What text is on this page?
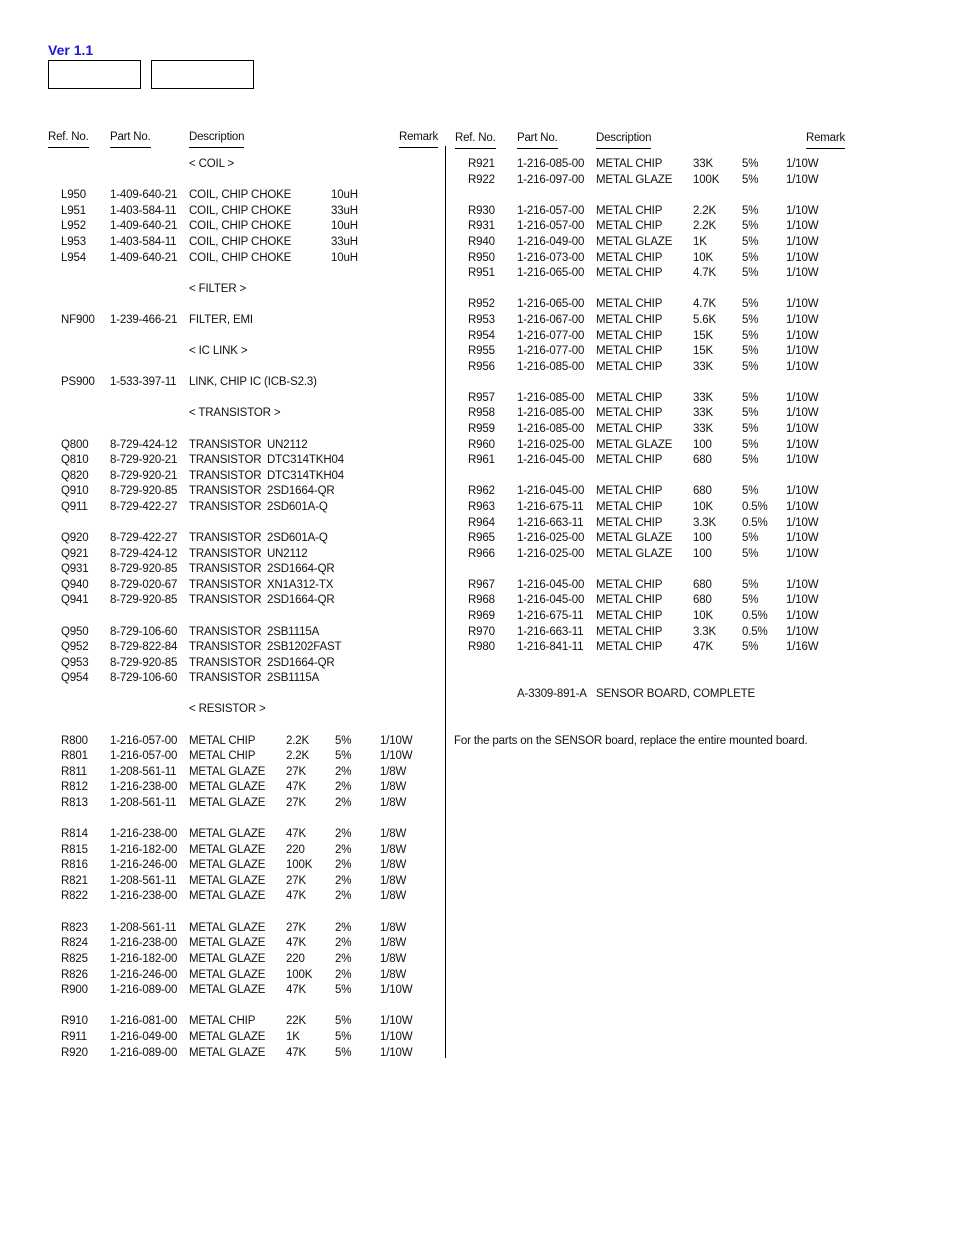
Ver 1.1
Ref. No. Part No.	Description	Remark Ref. No. Part No.	Description	Remark
< COIL >
L950 1-409-640-21 COIL, CHIP CHOKE	10uH
L951 1-403-584-11 COIL, CHIP CHOKE	33uH
L952 1-409-640-21 COIL, CHIP CHOKE	10uH
L953 1-403-584-11 COIL, CHIP CHOKE	33uH
L954 1-409-640-21 COIL, CHIP CHOKE	10uH
< FILTER >
NF900 1-239-466-21 FILTER, EMI
< IC LINK >
PS900 1-533-397-11 LINK, CHIP IC (ICB-S2.3)
< TRANSISTOR >
Q800 8-729-424-12 TRANSISTOR UN2112
Q810 8-729-920-21 TRANSISTOR DTC314TKH04
Q820 8-729-920-21 TRANSISTOR DTC314TKH04
Q910 8-729-920-85 TRANSISTOR 2SD1664-QR
Q911 8-729-422-27 TRANSISTOR 2SD601A-Q
Q920 8-729-422-27 TRANSISTOR 2SD601A-Q
Q921 8-729-424-12 TRANSISTOR UN2112
Q931 8-729-920-85 TRANSISTOR 2SD1664-QR
Q940 8-729-020-67 TRANSISTOR XN1A312-TX
Q941 8-729-920-85 TRANSISTOR 2SD1664-QR
Q950 8-729-106-60 TRANSISTOR 2SB1115A
Q952 8-729-822-84 TRANSISTOR 2SB1202FAST
Q953 8-729-920-85 TRANSISTOR 2SD1664-QR
Q954 8-729-106-60 TRANSISTOR 2SB1115A
< RESISTOR >
R800 1-216-057-00 METAL CHIP	2.2K 5% 1/10W
R801 1-216-057-00 METAL CHIP	2.2K 5% 1/10W
R811 1-208-561-11 METAL GLAZE 27K	2% 1/8W
R812 1-216-238-00 METAL GLAZE 47K	2% 1/8W
R813 1-208-561-11 METAL GLAZE 27K	2% 1/8W
R814 1-216-238-00 METAL GLAZE 47K	2% 1/8W
R815 1-216-182-00 METAL GLAZE 220	2% 1/8W
R816 1-216-246-00 METAL GLAZE 100K 2% 1/8W
R821 1-208-561-11 METAL GLAZE 27K	2% 1/8W
R822 1-216-238-00 METAL GLAZE 47K	2% 1/8W
R823 1-208-561-11 METAL GLAZE 27K	2% 1/8W
R824 1-216-238-00 METAL GLAZE 47K	2% 1/8W
R825 1-216-182-00 METAL GLAZE 220	2% 1/8W
R826 1-216-246-00 METAL GLAZE 100K 2% 1/8W
R900 1-216-089-00 METAL GLAZE 47K	5% 1/10W
R910 1-216-081-00 METAL CHIP	22K	5% 1/10W
R911 1-216-049-00 METAL GLAZE 1K	5% 1/10W
R920 1-216-089-00 METAL GLAZE 47K	5% 1/10W
R921 1-216-085-00 METAL CHIP	33K	5% 1/10W
R922 1-216-097-00 METAL GLAZE 100K 5% 1/10W
R930 1-216-057-00 METAL CHIP	2.2K 5% 1/10W
R931 1-216-057-00 METAL CHIP	2.2K 5% 1/10W
R940 1-216-049-00 METAL GLAZE 1K	5% 1/10W
R950 1-216-073-00 METAL CHIP	10K	5% 1/10W
R951 1-216-065-00 METAL CHIP	4.7K 5% 1/10W
R952 1-216-065-00 METAL CHIP	4.7K 5% 1/10W
R953 1-216-067-00 METAL CHIP	5.6K 5% 1/10W
R954 1-216-077-00 METAL CHIP	15K	5% 1/10W
R955 1-216-077-00 METAL CHIP	15K	5% 1/10W
R956 1-216-085-00 METAL CHIP	33K	5% 1/10W
R957 1-216-085-00 METAL CHIP	33K	5% 1/10W
R958 1-216-085-00 METAL CHIP	33K	5% 1/10W
R959 1-216-085-00 METAL CHIP	33K	5% 1/10W
R960 1-216-025-00 METAL GLAZE 100	5% 1/10W
R961 1-216-045-00 METAL CHIP	680	5% 1/10W
R962 1-216-045-00 METAL CHIP	680	5% 1/10W
R963 1-216-675-11 METAL CHIP	10K	0.5% 1/10W
R964 1-216-663-11 METAL CHIP	3.3K 0.5% 1/10W
R965 1-216-025-00 METAL GLAZE 100	5% 1/10W
R966 1-216-025-00 METAL GLAZE 100	5% 1/10W
R967 1-216-045-00 METAL CHIP	680	5% 1/10W
R968 1-216-045-00 METAL CHIP	680	5% 1/10W
R969 1-216-675-11 METAL CHIP	10K	0.5% 1/10W
R970 1-216-663-11 METAL CHIP	3.3K 0.5% 1/10W
R980 1-216-841-11 METAL CHIP	47K	5% 1/16W
A-3309-891-A SENSOR BOARD, COMPLETE
For the parts on the SENSOR board, replace the entire mounted board.
